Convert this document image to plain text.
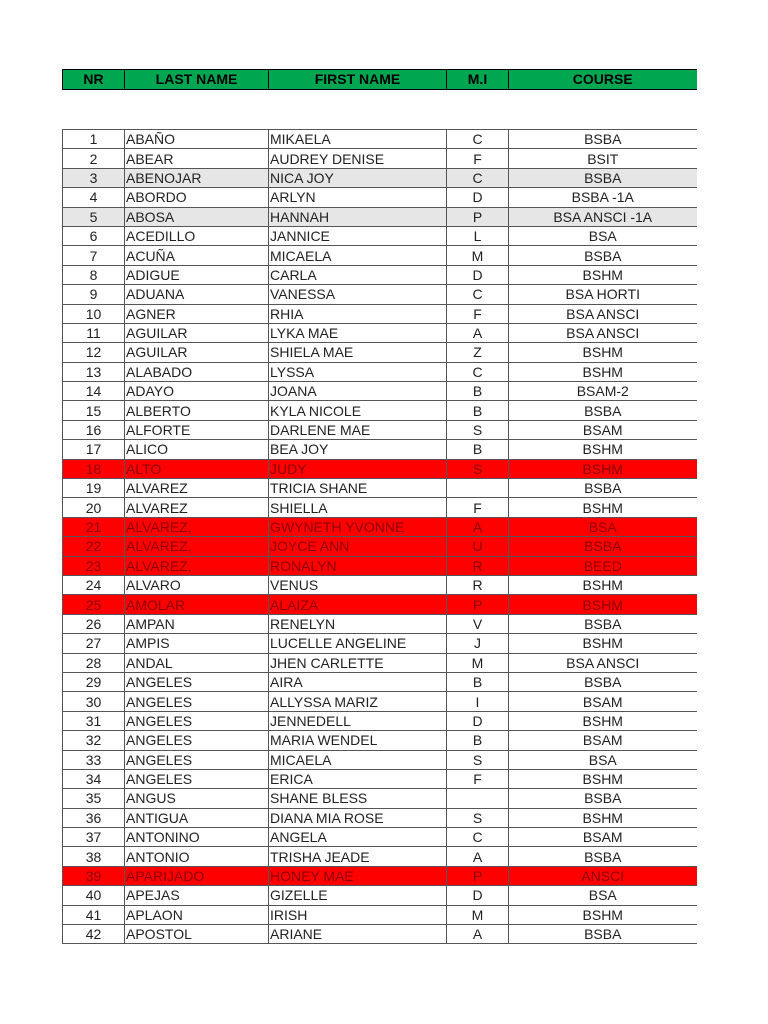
NR	LAST NAME	FIRST NAME	M.I	COURSE
1	ABAÑO	MIKAELA	C	BSBA
2	ABEAR	AUDREY DENISE	F	BSIT
3	ABENOJAR	NICA JOY	C	BSBA
4	ABORDO	ARLYN	D	BSBA -1A
5	ABOSA	HANNAH	P	BSA ANSCI -1A
6	ACEDILLO	JANNICE	L	BSA
7	ACUÑA	MICAELA	M	BSBA
8	ADIGUE	CARLA	D	BSHM
9	ADUANA	VANESSA	C	BSA HORTI
10	AGNER	RHIA	F	BSA ANSCI
11	AGUILAR	LYKA MAE	A	BSA ANSCI
12	AGUILAR	SHIELA MAE	Z	BSHM
13	ALABADO	LYSSA	C	BSHM
14	ADAYO	JOANA	B	BSAM-2
15	ALBERTO	KYLA NICOLE	B	BSBA
16	ALFORTE	DARLENE MAE	S	BSAM
17	ALICO	BEA JOY	B	BSHM
18	ALTO	JUDY	S	BSHM
19	ALVAREZ	TRICIA SHANE		BSBA
20	ALVAREZ	SHIELLA	F	BSHM
21	ALVAREZ,	GWYNETH YVONNE	A	BSA
22	ALVAREZ,	JOYCE ANN	U	BSBA
23	ALVAREZ,	RONALYN	R	BEED
24	ALVARO	VENUS	R	BSHM
25	AMOLAR	ALAIZA	P	BSHM
26	AMPAN	RENELYN	V	BSBA
27	AMPIS	LUCELLE ANGELINE	J	BSHM
28	ANDAL	JHEN CARLETTE	M	BSA ANSCI
29	ANGELES	AIRA	B	BSBA
30	ANGELES	ALLYSSA MARIZ	I	BSAM
31	ANGELES	JENNEDELL	D	BSHM
32	ANGELES	MARIA WENDEL	B	BSAM
33	ANGELES	MICAELA	S	BSA
34	ANGELES	ERICA	F	BSHM
35	ANGUS	SHANE BLESS		BSBA
36	ANTIGUA	DIANA MIA ROSE	S	BSHM
37	ANTONINO	ANGELA	C	BSAM
38	ANTONIO	TRISHA JEADE	A	BSBA
39	APARIJADO	HONEY MAE	P	ANSCI
40	APEJAS	GIZELLE	D	BSA
41	APLAON	IRISH	M	BSHM
42	APOSTOL	ARIANE	A	BSBA
